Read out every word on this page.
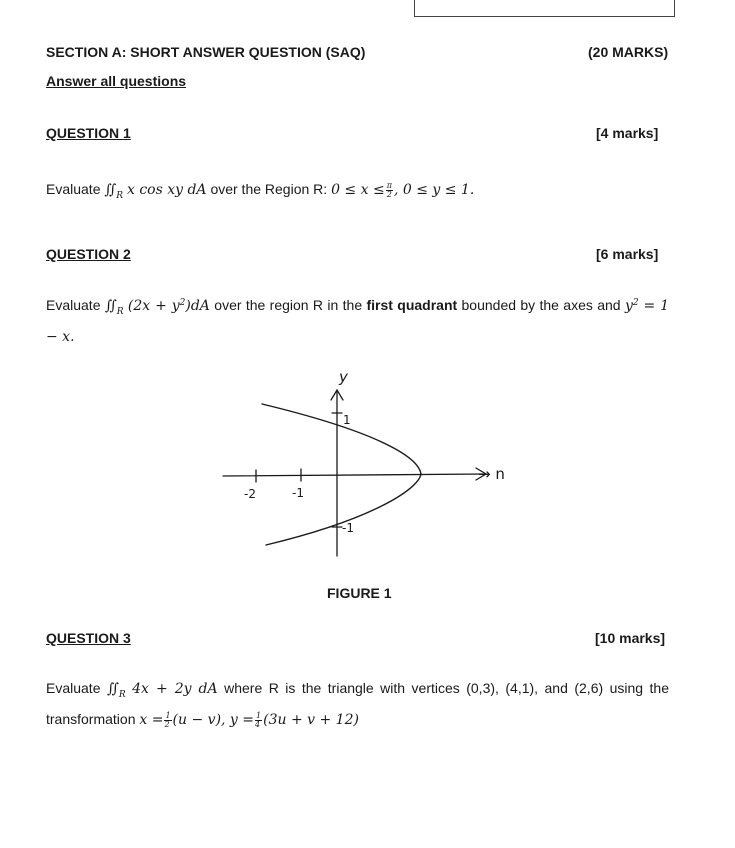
SECTION A: SHORT ANSWER QUESTION (SAQ)	(20 MARKS)
Answer all questions
QUESTION 1	[4 marks]
Evaluate $∬_R$ x cos xy dA over the Region R: $0 \le x \le \frac{\pi}{2}$ , 0 ≤ y ≤ 1.
QUESTION 2	[6 marks]
Evaluate $∬_R$ $(2x + y^2)dA$ over the region R in the first quadrant bounded by the axes and $y^2 = 1 - x$.
y
→ n
1
-1
-2	-1
FIGURE 1
QUESTION 3	[10 marks]
Evaluate $∬_R$ 4x + 2y dA where R is the triangle with vertices (0,3), (4,1), and (2,6) using the transformation $x = \frac{1}{2} (u - v)$, $y = \frac{1}{4} (3u + v + 12)$
